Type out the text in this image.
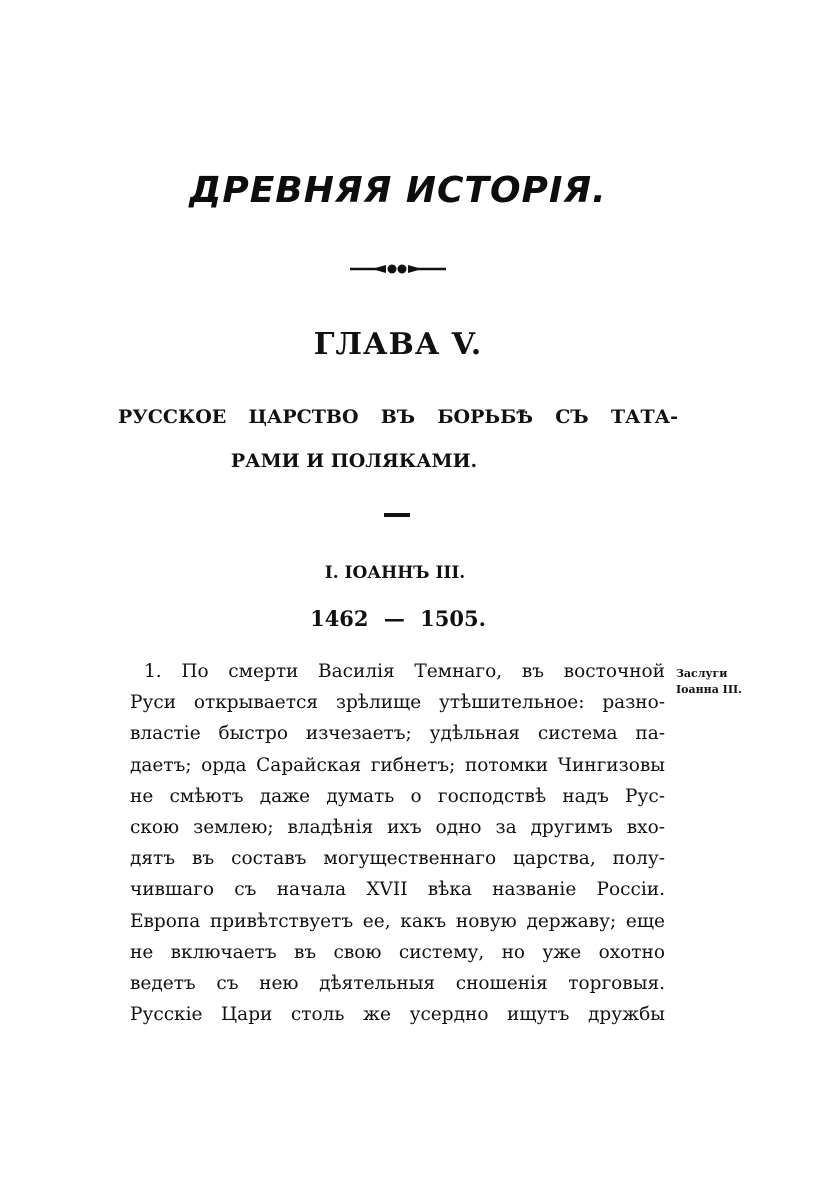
ДРЕВНЯЯ ИСТОРІЯ.
ГЛАВА V.
РУССКОЕ ЦАРСТВО ВЪ БОРЬБѢ СЪ ТАТА-
РАМИ И ПОЛЯКАМИ.
I. ІОАННЪ III.
1462 — 1505.
1. По смерти Василія Темнаго, въ восточной
Руси открывается зрѣлище утѣшительное: разно-
властіе быстро изчезаетъ; удѣльная система па-
даетъ; орда Сарайская гибнетъ; потомки Чингизовы
не смѣютъ даже думать о господствѣ надъ Рус-
скою землею; владѣнія ихъ одно за другимъ вхо-
дятъ въ составъ могущественнаго царства, полу-
чившаго съ начала XVII вѣка названіе Россіи.
Европа привѣтствуетъ ее, какъ новую державу; еще
не включаетъ въ свою систему, но уже охотно
ведетъ съ нею дѣятельныя сношенія торговыя.
Русскіе Цари столь же усердно ищутъ дружбы
Заслуги
Іоанна III.
